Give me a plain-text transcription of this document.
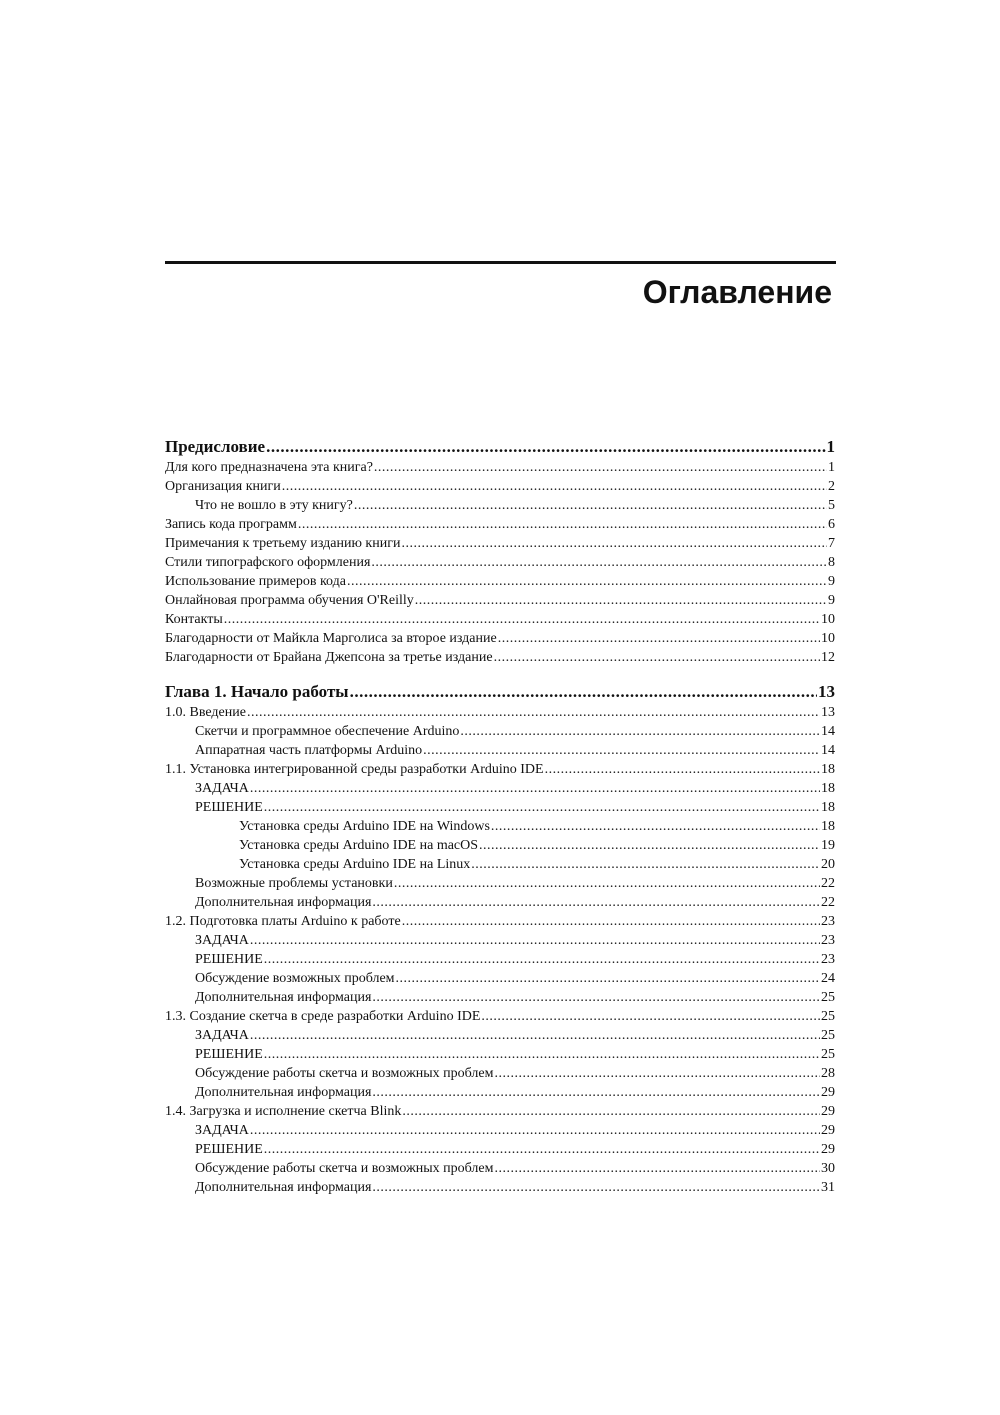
Оглавление
Предисловие .....	1
Для кого предназначена эта книга? .....	1
Организация книги .....	2
Что не вошло в эту книгу? .....	5
Запись кода программ .....	6
Примечания к третьему изданию книги .....	7
Стили типографского оформления .....	8
Использование примеров кода .....	9
Онлайновая программа обучения O'Reilly .....	9
Контакты .....	10
Благодарности от Майкла Марголиса за второе издание .....	10
Благодарности от Брайана Джепсона за третье издание .....	12
Глава 1. Начало работы .....	13
1.0. Введение .....	13
Скетчи и программное обеспечение Arduino .....	14
Аппаратная часть платформы Arduino .....	14
1.1. Установка интегрированной среды разработки Arduino IDE .....	18
ЗАДАЧА .....	18
РЕШЕНИЕ .....	18
Установка среды Arduino IDE на Windows .....	18
Установка среды Arduino IDE на macOS .....	19
Установка среды Arduino IDE на Linux .....	20
Возможные проблемы установки .....	22
Дополнительная информация .....	22
1.2. Подготовка платы Arduino к работе .....	23
ЗАДАЧА .....	23
РЕШЕНИЕ .....	23
Обсуждение возможных проблем .....	24
Дополнительная информация .....	25
1.3. Создание скетча в среде разработки Arduino IDE .....	25
ЗАДАЧА .....	25
РЕШЕНИЕ .....	25
Обсуждение работы скетча и возможных проблем .....	28
Дополнительная информация .....	29
1.4. Загрузка и исполнение скетча Blink .....	29
ЗАДАЧА .....	29
РЕШЕНИЕ .....	29
Обсуждение работы скетча и возможных проблем .....	30
Дополнительная информация .....	31
